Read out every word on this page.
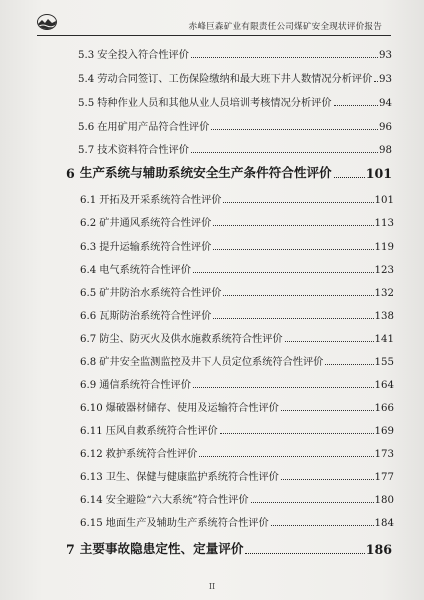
赤峰巨森矿业有限责任公司煤矿安全现状评价报告
5.3 安全投入符合性评价	93
5.4 劳动合同签订、工伤保险缴纳和最大班下井人数情况分析评价 93
5.5 特种作业人员和其他从业人员培训考核情况分析评价	94
5.6 在用矿用产品符合性评价	96
5.7 技术资料符合性评价	98
6 生产系统与辅助系统安全生产条件符合性评价	101
6.1 开拓及开采系统符合性评价	101
6.2 矿井通风系统符合性评价	113
6.3 提升运输系统符合性评价	119
6.4 电气系统符合性评价	123
6.5 矿井防治水系统符合性评价	132
6.6 瓦斯防治系统符合性评价	138
6.7 防尘、防灭火及供水施救系统符合性评价	141
6.8 矿井安全监测监控及井下人员定位系统符合性评价	155
6.9 通信系统符合性评价	164
6.10 爆破器材储存、使用及运输符合性评价	166
6.11 压风自救系统符合性评价	169
6.12 救护系统符合性评价	173
6.13 卫生、保健与健康监护系统符合性评价	177
6.14 安全避险“六大系统”符合性评价	180
6.15 地面生产及辅助生产系统符合性评价	184
7 主要事故隐患定性、定量评价	186
II
